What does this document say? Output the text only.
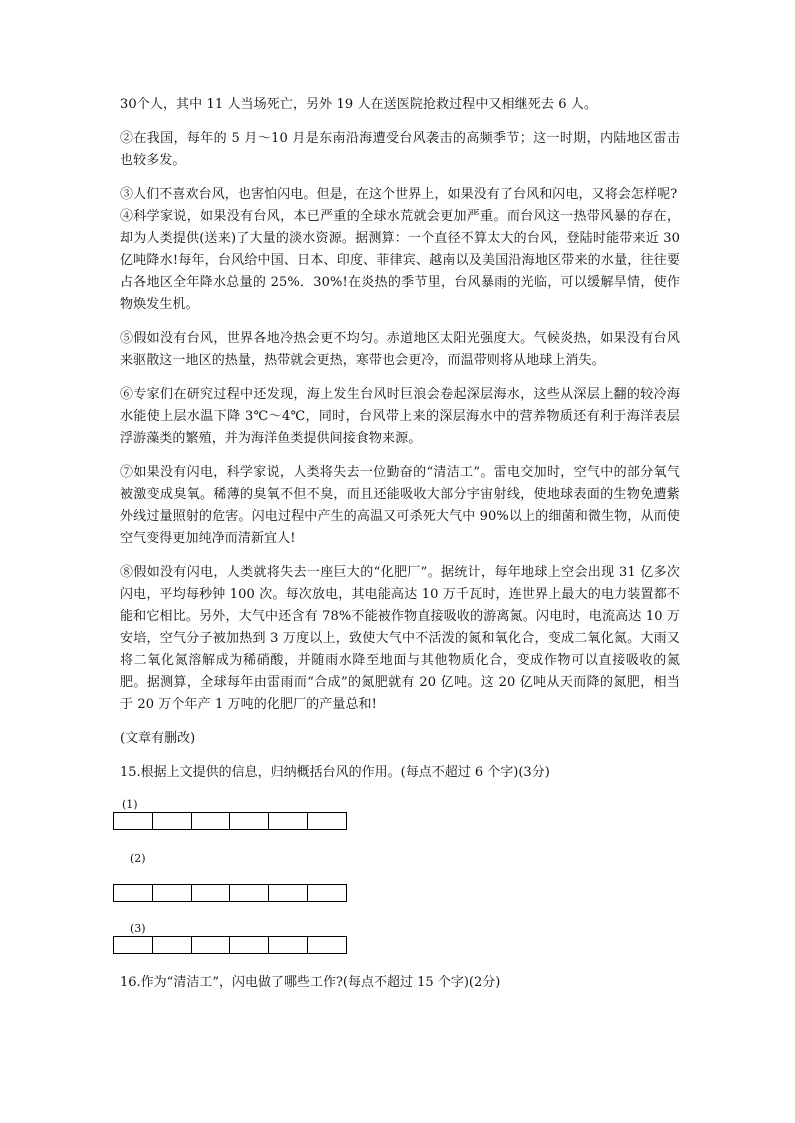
30个人，其中 11 人当场死亡，另外 19 人在送医院抢救过程中又相继死去 6 人。

②在我国，每年的 5 月～10 月是东南沿海遭受台风袭击的高频季节；这一时期，内陆地区雷击也较多发。

③人们不喜欢台风，也害怕闪电。但是，在这个世界上，如果没有了台风和闪电，又将会怎样呢?

④科学家说，如果没有台风，本已严重的全球水荒就会更加严重。而台风这一热带风暴的存在，却为人类提供(送来)了大量的淡水资源。据测算：一个直径不算太大的台风，登陆时能带来近 30 亿吨降水!每年，台风给中国、日本、印度、菲律宾、越南以及美国沿海地区带来的水量，往往要占各地区全年降水总量的 25%．30%!在炎热的季节里，台风暴雨的光临，可以缓解旱情，使作物焕发生机。

⑤假如没有台风，世界各地冷热会更不均匀。赤道地区太阳光强度大。气候炎热，如果没有台风来驱散这一地区的热量，热带就会更热，寒带也会更冷，而温带则将从地球上消失。

⑥专家们在研究过程中还发现，海上发生台风时巨浪会卷起深层海水，这些从深层上翻的较冷海水能使上层水温下降 3℃～4℃，同时，台风带上来的深层海水中的营养物质还有利于海洋表层浮游藻类的繁殖，并为海洋鱼类提供间接食物来源。

⑦如果没有闪电，科学家说，人类将失去一位勤奋的“清洁工”。雷电交加时，空气中的部分氧气被激变成臭氧。稀薄的臭氧不但不臭，而且还能吸收大部分宇宙射线，使地球表面的生物免遭紫外线过量照射的危害。闪电过程中产生的高温又可杀死大气中 90%以上的细菌和微生物，从而使空气变得更加纯净而清新宜人!

⑧假如没有闪电，人类就将失去一座巨大的“化肥厂”。据统计，每年地球上空会出现 31 亿多次闪电，平均每秒钟 100 次。每次放电，其电能高达 10 万千瓦时，连世界上最大的电力装置都不能和它相比。另外，大气中还含有 78%不能被作物直接吸收的游离氮。闪电时，电流高达 10 万安培，空气分子被加热到 3 万度以上，致使大气中不活泼的氮和氧化合，变成二氧化氮。大雨又将二氧化氮溶解成为稀硝酸，并随雨水降至地面与其他物质化合，变成作物可以直接吸收的氮肥。据测算，全球每年由雷雨而“合成”的氮肥就有 20 亿吨。这 20 亿吨从天而降的氮肥，相当于 20 万个年产 1 万吨的化肥厂的产量总和!

(文章有删改)

15.根据上文提供的信息，归纳概括台风的作用。(每点不超过 6 个字)(3分)

(1)

(2)

(3)

16.作为“清洁工”，闪电做了哪些工作?(每点不超过 15 个字)(2分)
